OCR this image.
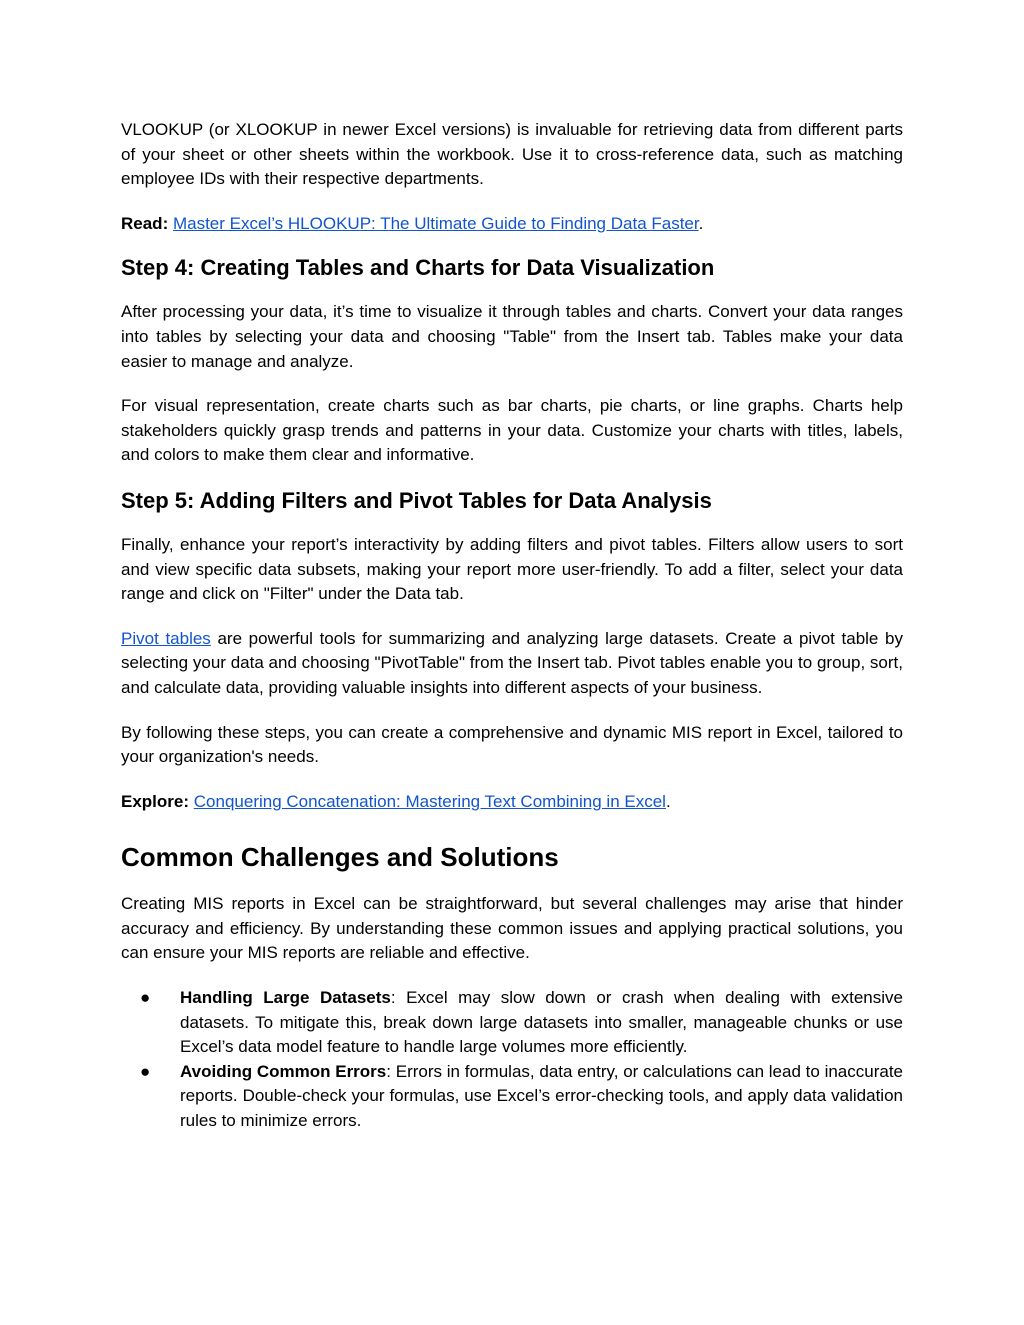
VLOOKUP (or XLOOKUP in newer Excel versions) is invaluable for retrieving data from different parts of your sheet or other sheets within the workbook. Use it to cross-reference data, such as matching employee IDs with their respective departments.

Read: Master Excel’s HLOOKUP: The Ultimate Guide to Finding Data Faster.

Step 4: Creating Tables and Charts for Data Visualization

After processing your data, it’s time to visualize it through tables and charts. Convert your data ranges into tables by selecting your data and choosing "Table" from the Insert tab. Tables make your data easier to manage and analyze.

For visual representation, create charts such as bar charts, pie charts, or line graphs. Charts help stakeholders quickly grasp trends and patterns in your data. Customize your charts with titles, labels, and colors to make them clear and informative.

Step 5: Adding Filters and Pivot Tables for Data Analysis

Finally, enhance your report’s interactivity by adding filters and pivot tables. Filters allow users to sort and view specific data subsets, making your report more user-friendly. To add a filter, select your data range and click on "Filter" under the Data tab.

Pivot tables are powerful tools for summarizing and analyzing large datasets. Create a pivot table by selecting your data and choosing "PivotTable" from the Insert tab. Pivot tables enable you to group, sort, and calculate data, providing valuable insights into different aspects of your business.

By following these steps, you can create a comprehensive and dynamic MIS report in Excel, tailored to your organization's needs.

Explore: Conquering Concatenation: Mastering Text Combining in Excel.

Common Challenges and Solutions

Creating MIS reports in Excel can be straightforward, but several challenges may arise that hinder accuracy and efficiency. By understanding these common issues and applying practical solutions, you can ensure your MIS reports are reliable and effective.

● Handling Large Datasets: Excel may slow down or crash when dealing with extensive datasets. To mitigate this, break down large datasets into smaller, manageable chunks or use Excel’s data model feature to handle large volumes more efficiently.
● Avoiding Common Errors: Errors in formulas, data entry, or calculations can lead to inaccurate reports. Double-check your formulas, use Excel’s error-checking tools, and apply data validation rules to minimize errors.
